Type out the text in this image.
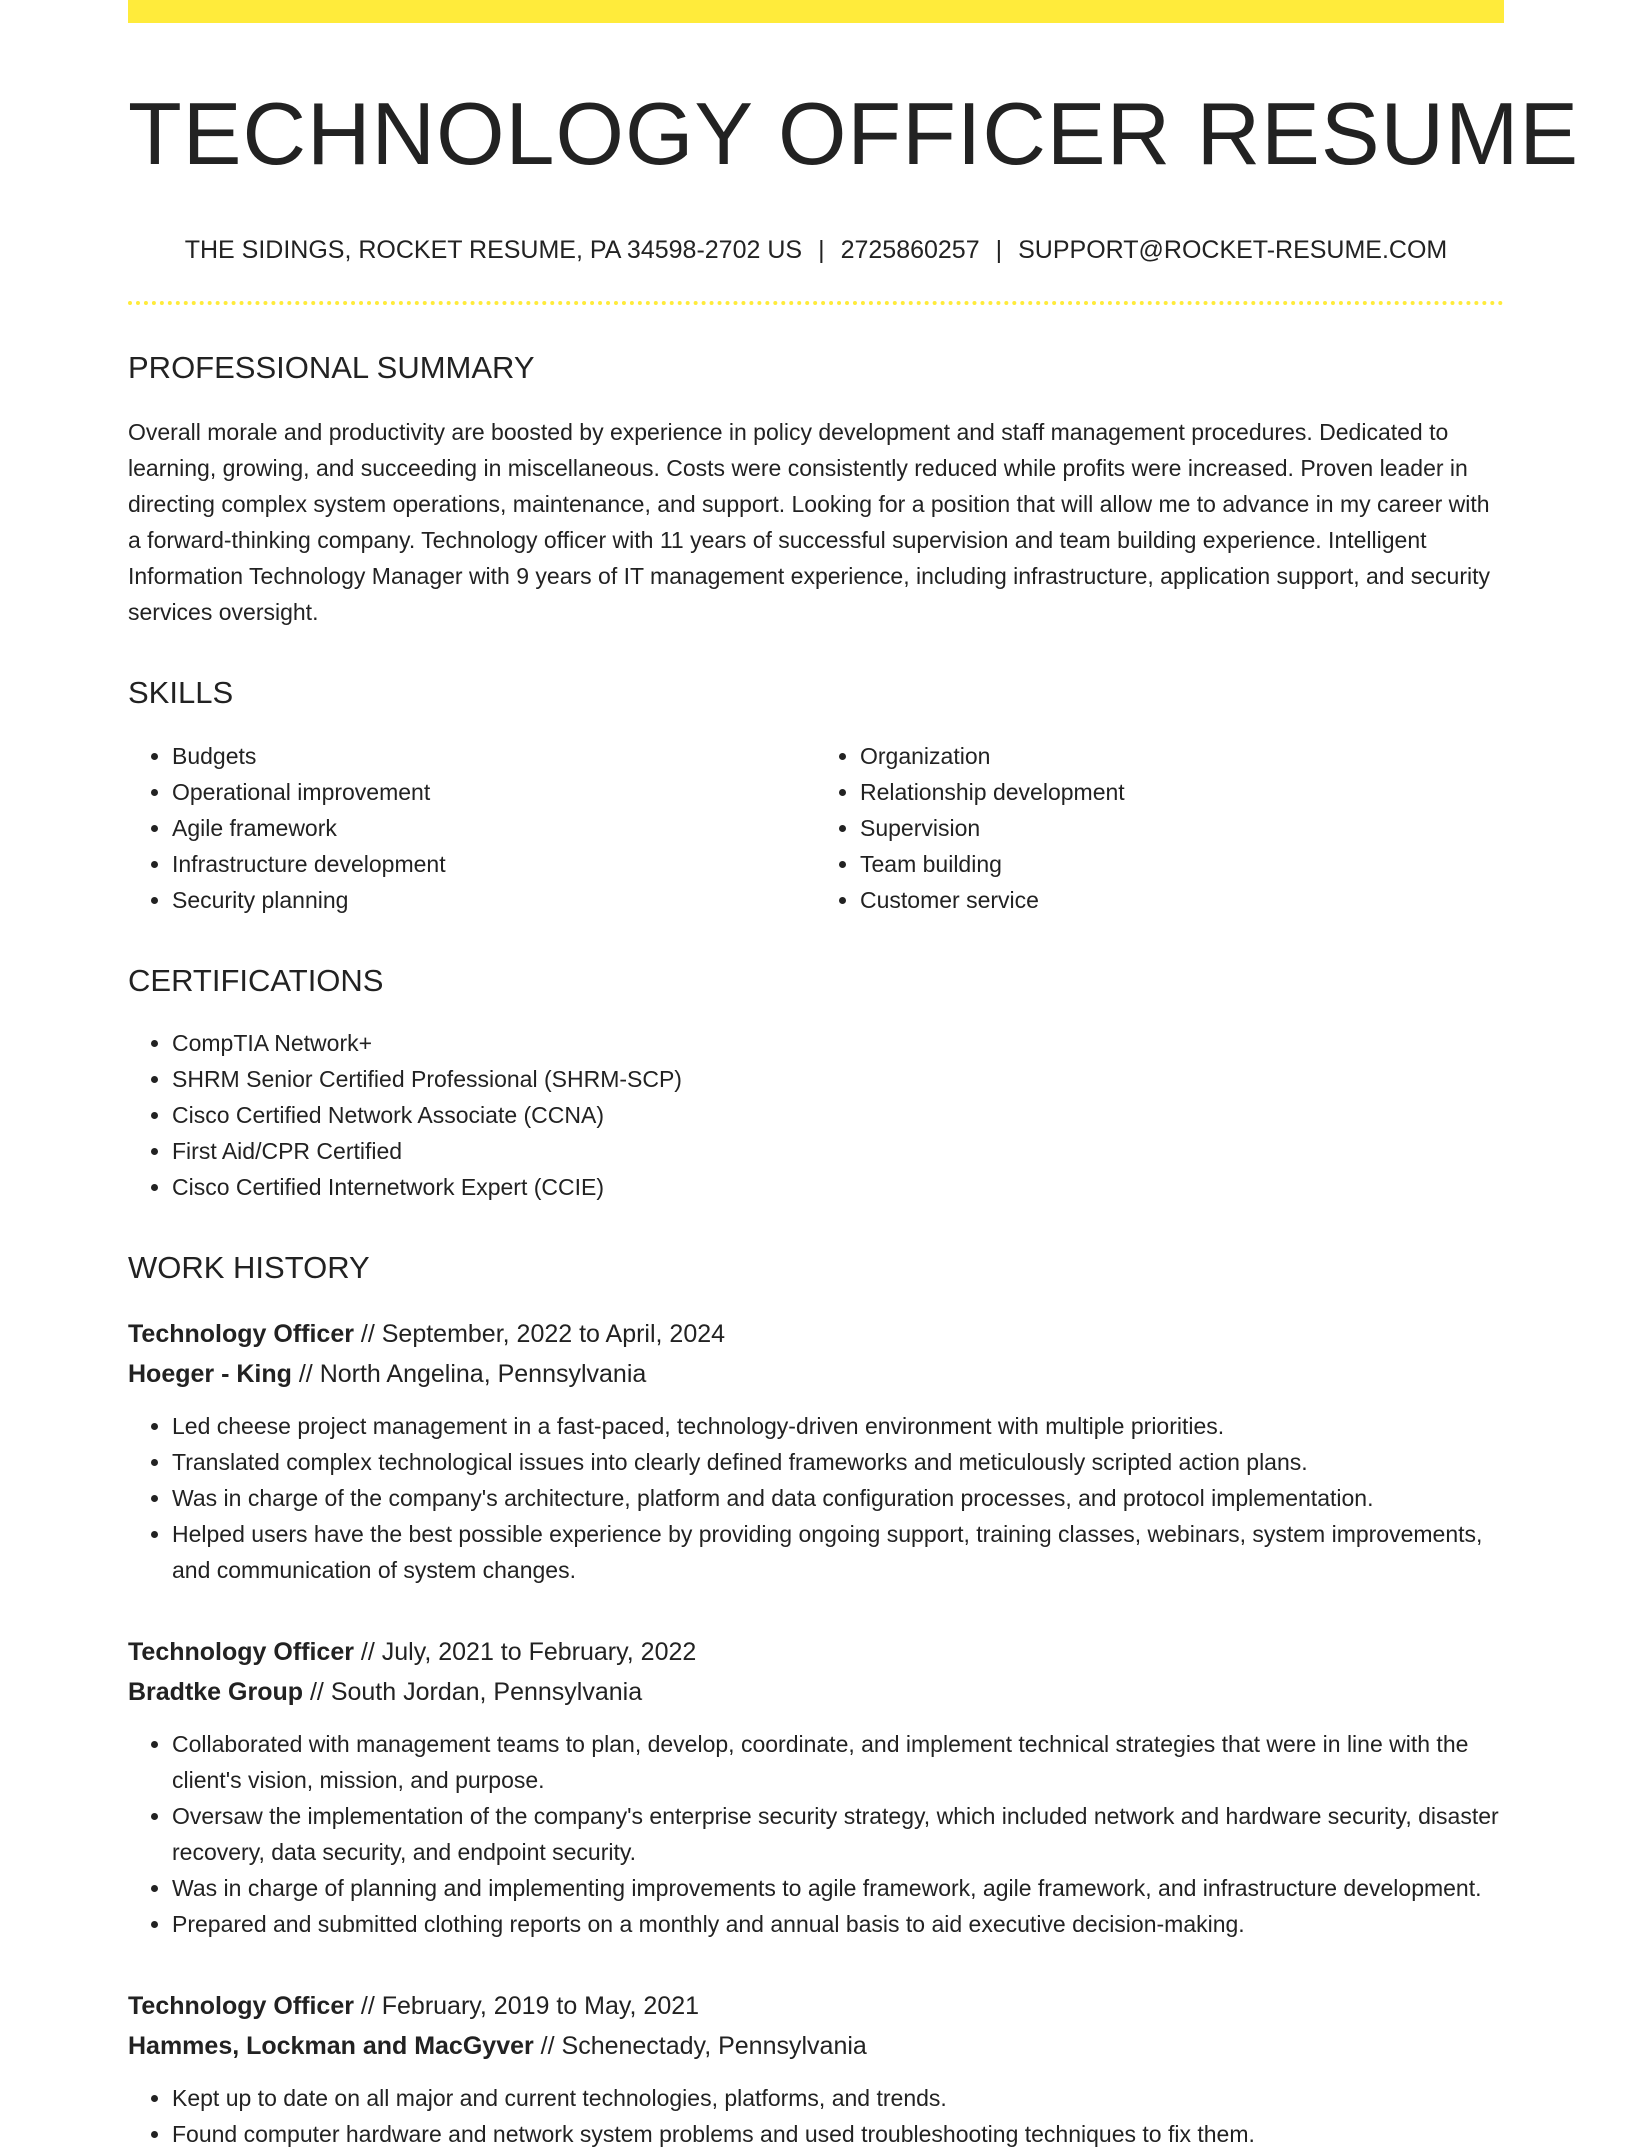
TECHNOLOGY OFFICER RESUME
THE SIDINGS, ROCKET RESUME, PA 34598-2702 US | 2725860257 | SUPPORT@ROCKET-RESUME.COM
PROFESSIONAL SUMMARY

Overall morale and productivity are boosted by experience in policy development and staff management procedures. Dedicated to learning, growing, and succeeding in miscellaneous. Costs were consistently reduced while profits were increased. Proven leader in directing complex system operations, maintenance, and support. Looking for a position that will allow me to advance in my career with a forward-thinking company. Technology officer with 11 years of successful supervision and team building experience. Intelligent Information Technology Manager with 9 years of IT management experience, including infrastructure, application support, and security services oversight.

SKILLS
• Budgets
• Operational improvement
• Agile framework
• Infrastructure development
• Security planning
• Organization
• Relationship development
• Supervision
• Team building
• Customer service
CERTIFICATIONS
• CompTIA Network+
• SHRM Senior Certified Professional (SHRM-SCP)
• Cisco Certified Network Associate (CCNA)
• First Aid/CPR Certified
• Cisco Certified Internetwork Expert (CCIE)
WORK HISTORY
Technology Officer // September, 2022 to April, 2024
Hoeger - King // North Angelina, Pennsylvania
• Led cheese project management in a fast-paced, technology-driven environment with multiple priorities.
• Translated complex technological issues into clearly defined frameworks and meticulously scripted action plans.
• Was in charge of the company's architecture, platform and data configuration processes, and protocol implementation.
• Helped users have the best possible experience by providing ongoing support, training classes, webinars, system improvements, and communication of system changes.
Technology Officer // July, 2021 to February, 2022
Bradtke Group // South Jordan, Pennsylvania
• Collaborated with management teams to plan, develop, coordinate, and implement technical strategies that were in line with the client's vision, mission, and purpose.
• Oversaw the implementation of the company's enterprise security strategy, which included network and hardware security, disaster recovery, data security, and endpoint security.
• Was in charge of planning and implementing improvements to agile framework, agile framework, and infrastructure development.
• Prepared and submitted clothing reports on a monthly and annual basis to aid executive decision-making.
Technology Officer // February, 2019 to May, 2021
Hammes, Lockman and MacGyver // Schenectady, Pennsylvania
• Kept up to date on all major and current technologies, platforms, and trends.
• Found computer hardware and network system problems and used troubleshooting techniques to fix them.
